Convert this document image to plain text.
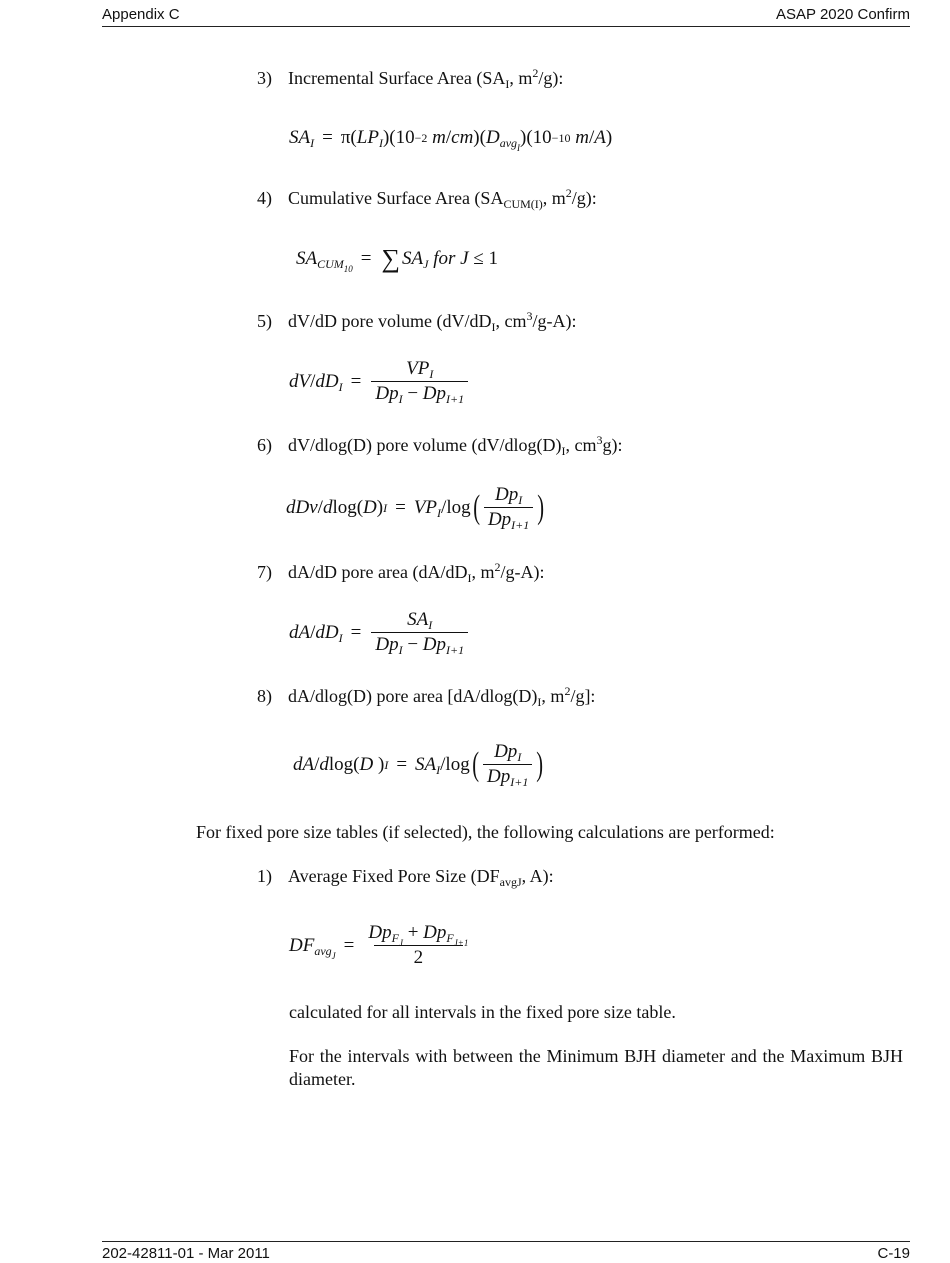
Appendix C	ASAP 2020 Confirm
3) Incremental Surface Area ($SA_I$, $m^2/g$):
$SA_I = \pi$( $LP_I$ )(10 −2
m / cm )( $D_{avg_I}$ )(10 −10
m / A )
4) Cumulative Surface Area ($SA_{CUM(I)}$, $m^2/g$):
$SA_{CUM_{10}}$ = ∑ $SA_J$ for J ≤ 1
5) dV/dD pore volume ($dV/dD_I$, $cm^3/g-A$):
dV / $dD_I = \frac{VP_I}{Dp_I - Dp_{I+1}}$
6) dV/dlog(D) pore volume ($dV/dlog(D)_I$, $cm^3g$):
dDv / d log( D ) $I = VP_I$ /log ( $\frac{Dp_I}{Dp_{I+1}}$ )
7) dA/dD pore area ($dA/dD_I$, $m^2/g-A$):
dA / $dD_I = \frac{SA_I}{Dp_I - Dp_{I+1}}$
8) dA/dlog(D) pore area [$dA/dlog(D)_I$, $m^2/g$]:
dA / d log( D ) $I = SA_I$ /log ( $\frac{Dp_I}{Dp_{I+1}}$ )
For fixed pore size tables (if selected), the following calculations are performed:
1) Average Fixed Pore Size ($DF_{avgJ}$, A):
$DF_{avg_J} = \frac{Dp_{F_J} + Dp_{F_{J+1}}}{2}$
calculated for all intervals in the fixed pore size table.
For the intervals with between the Minimum BJH diameter and the Maximum BJH diameter.
202-42811-01 - Mar 2011	C-19
